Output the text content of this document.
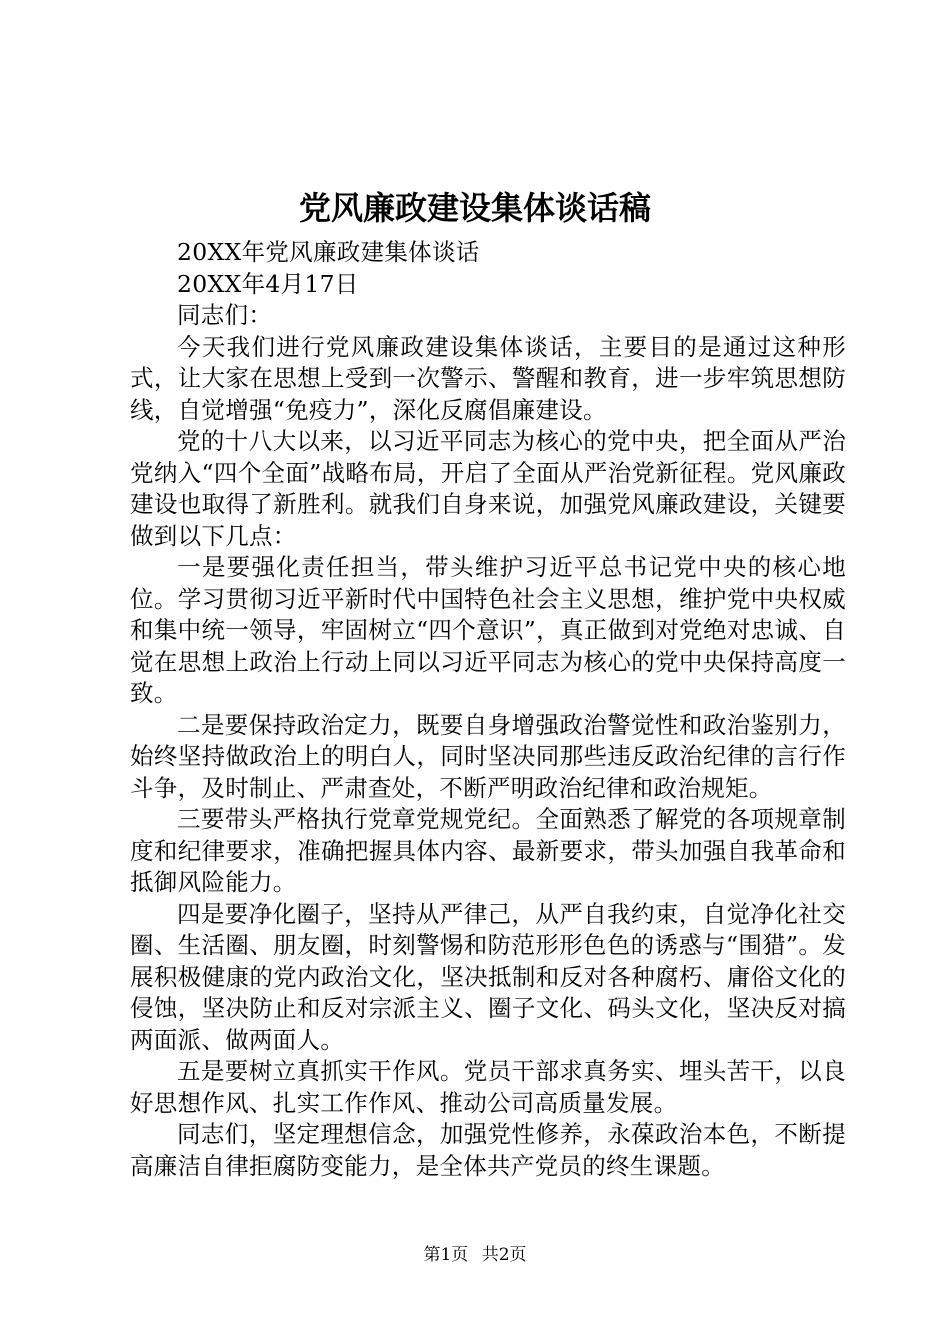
党风廉政建设集体谈话稿

20XX年党风廉政建集体谈话

20XX年4月17日

同志们：

今天我们进行党风廉政建设集体谈话，主要目的是通过这种形式，让大家在思想上受到一次警示、警醒和教育，进一步牢筑思想防线，自觉增强“免疫力”，深化反腐倡廉建设。

党的十八大以来，以习近平同志为核心的党中央，把全面从严治党纳入“四个全面”战略布局，开启了全面从严治党新征程。党风廉政建设也取得了新胜利。就我们自身来说，加强党风廉政建设，关键要做到以下几点：

一是要强化责任担当，带头维护习近平总书记党中央的核心地位。学习贯彻习近平新时代中国特色社会主义思想，维护党中央权威和集中统一领导，牢固树立“四个意识”，真正做到对党绝对忠诚、自觉在思想上政治上行动上同以习近平同志为核心的党中央保持高度一致。

二是要保持政治定力，既要自身增强政治警觉性和政治鉴别力，始终坚持做政治上的明白人，同时坚决同那些违反政治纪律的言行作斗争，及时制止、严肃查处，不断严明政治纪律和政治规矩。

三要带头严格执行党章党规党纪。全面熟悉了解党的各项规章制度和纪律要求，准确把握具体内容、最新要求，带头加强自我革命和抵御风险能力。

四是要净化圈子，坚持从严律己，从严自我约束，自觉净化社交圈、生活圈、朋友圈，时刻警惕和防范形形色色的诱惑与“围猎”。发展积极健康的党内政治文化，坚决抵制和反对各种腐朽、庸俗文化的侵蚀，坚决防止和反对宗派主义、圈子文化、码头文化，坚决反对搞两面派、做两面人。

五是要树立真抓实干作风。党员干部求真务实、埋头苦干，以良好思想作风、扎实工作作风、推动公司高质量发展。

同志们，坚定理想信念，加强党性修养，永葆政治本色，不断提高廉洁自律拒腐防变能力，是全体共产党员的终生课题。

第1页 共2页
